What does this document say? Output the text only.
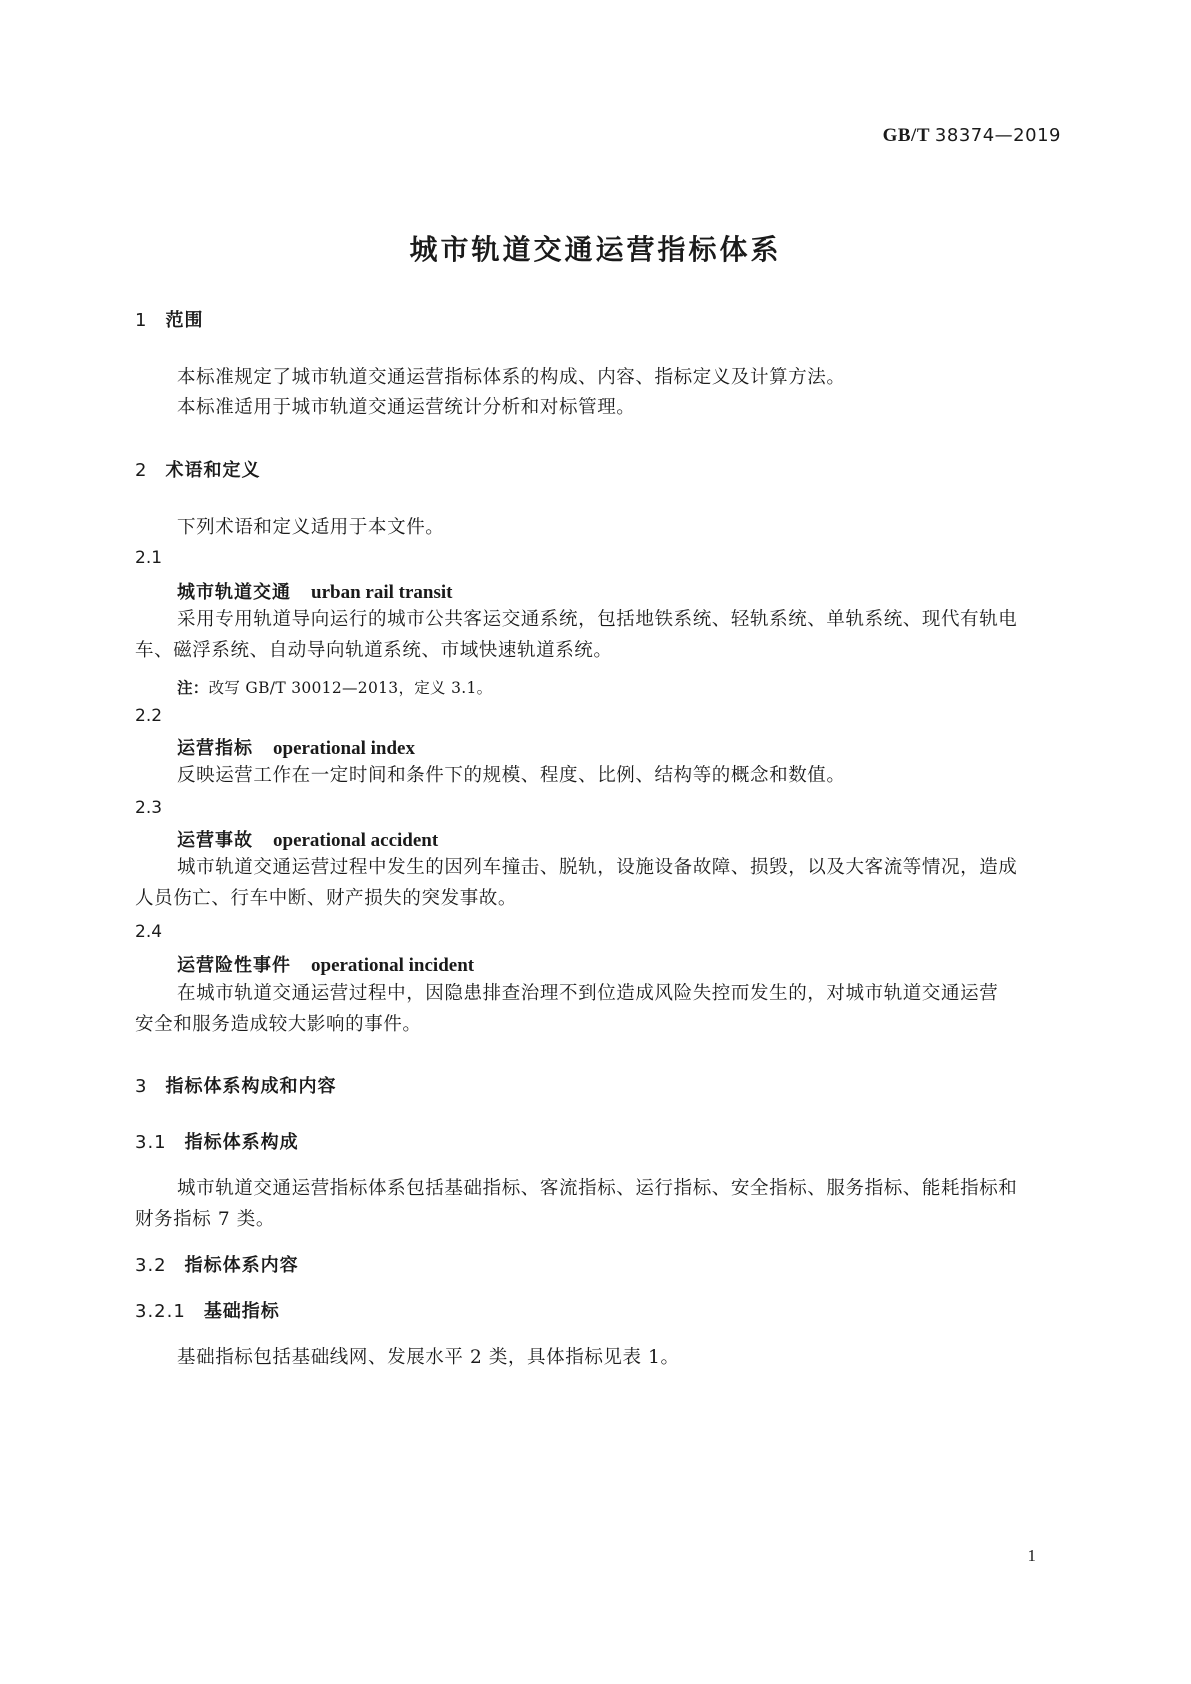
GB/T 38374—2019
城市轨道交通运营指标体系
1 范围
本标准规定了城市轨道交通运营指标体系的构成、内容、指标定义及计算方法。
本标准适用于城市轨道交通运营统计分析和对标管理。
2 术语和定义
下列术语和定义适用于本文件。
2.1
城市轨道交通 urban rail transit
采用专用轨道导向运行的城市公共客运交通系统，包括地铁系统、轻轨系统、单轨系统、现代有轨电
车、磁浮系统、自动导向轨道系统、市域快速轨道系统。
注：改写 GB/T 30012—2013，定义 3.1。
2.2
运营指标 operational index
反映运营工作在一定时间和条件下的规模、程度、比例、结构等的概念和数值。
2.3
运营事故 operational accident
城市轨道交通运营过程中发生的因列车撞击、脱轨，设施设备故障、损毁，以及大客流等情况，造成
人员伤亡、行车中断、财产损失的突发事故。
2.4
运营险性事件 operational incident
在城市轨道交通运营过程中，因隐患排查治理不到位造成风险失控而发生的，对城市轨道交通运营
安全和服务造成较大影响的事件。
3 指标体系构成和内容
3.1 指标体系构成
城市轨道交通运营指标体系包括基础指标、客流指标、运行指标、安全指标、服务指标、能耗指标和
财务指标 7 类。
3.2 指标体系内容
3.2.1 基础指标
基础指标包括基础线网、发展水平 2 类，具体指标见表 1。
1
